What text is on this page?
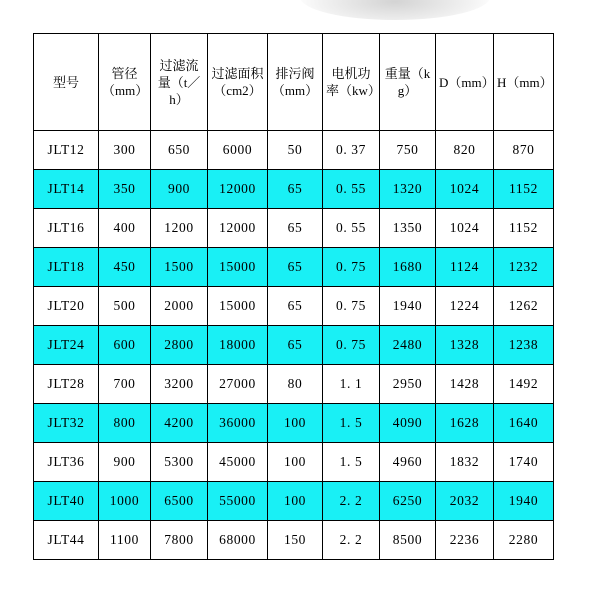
型号	管径（mm）	过滤流量（t／h）	过滤面积（cm2）	排污阀（mm）	电机功率（kw）	重量（kg）	D（mm）	H（mm）

JLT12	300	650	6000	50	0. 37	750	820	870
JLT14	350	900	12000	65	0. 55	1320	1024	1152
JLT16	400	1200	12000	65	0. 55	1350	1024	1152
JLT18	450	1500	15000	65	0. 75	1680	1124	1232
JLT20	500	2000	15000	65	0. 75	1940	1224	1262
JLT24	600	2800	18000	65	0. 75	2480	1328	1238
JLT28	700	3200	27000	80	1. 1	2950	1428	1492
JLT32	800	4200	36000	100	1. 5	4090	1628	1640
JLT36	900	5300	45000	100	1. 5	4960	1832	1740
JLT40	1000	6500	55000	100	2. 2	6250	2032	1940
JLT44	1100	7800	68000	150	2. 2	8500	2236	2280
